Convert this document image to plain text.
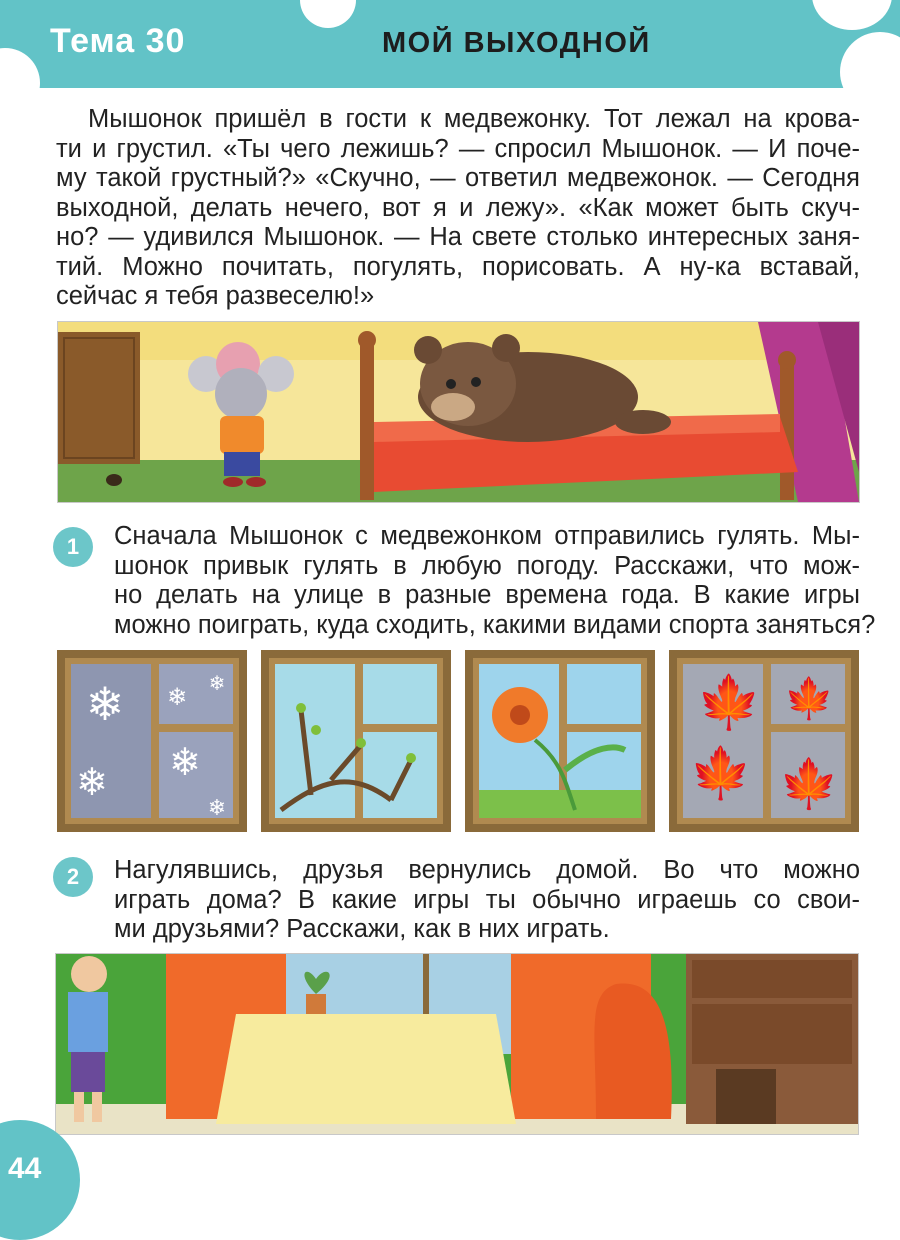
Тема 30	МОЙ ВЫХОДНОЙ
Мышонок пришёл в гости к медвежонку. Тот лежал на крова-
ти и грустил. «Ты чего лежишь? — спросил Мышонок. — И поче-
му такой грустный?» «Скучно, — ответил медвежонок. — Сегодня
выходной, делать нечего, вот я и лежу». «Как может быть скуч-
но? — удивился Мышонок. — На свете столько интересных заня-
тий. Можно почитать, погулять, порисовать. А ну-ка вставай,
сейчас я тебя развеселю!»
1	Сначала Мышонок с медвежонком отправились гулять. Мы-
шонок привык гулять в любую погоду. Расскажи, что мож-
но делать на улице в разные времена года. В какие игры
можно поиграть, куда сходить, какими видами спорта заняться?
❄
❄
❄ ❄
❄
❄
🍁 🍁
🍁 🍁
2	Нагулявшись, друзья вернулись домой. Во что можно
играть дома? В какие игры ты обычно играешь со свои-
ми друзьями? Расскажи, как в них играть.
44
